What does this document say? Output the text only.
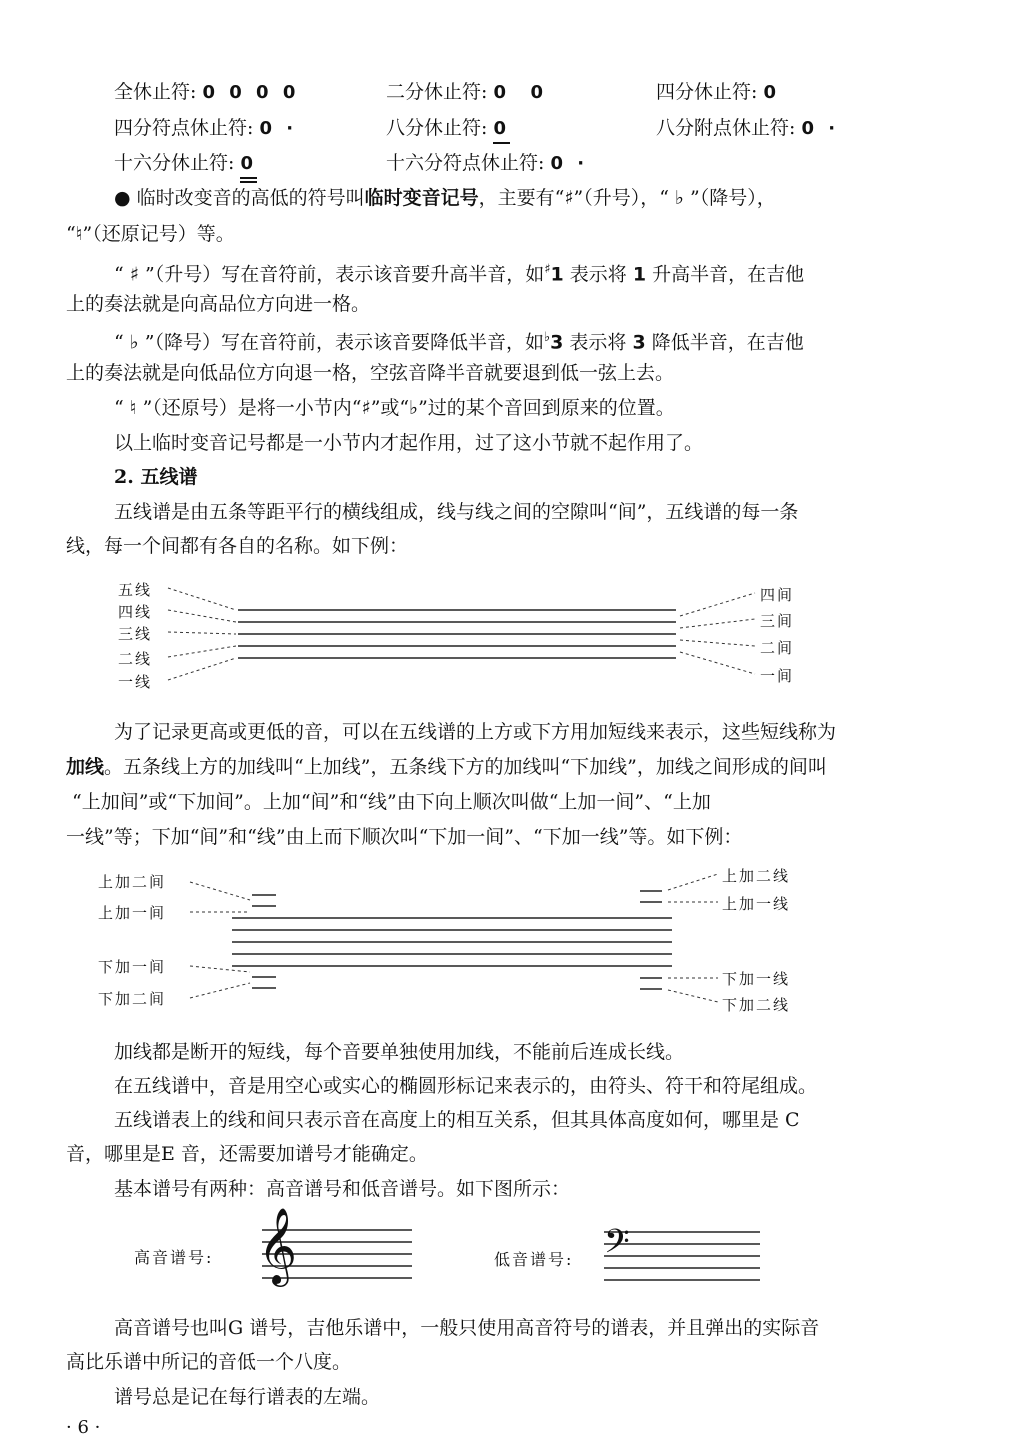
全休止符: 0 0 0 0	二分休止符: 0  0	四分休止符: 0
四分符点休止符: 0 ·	八分休止符: 0	八分附点休止符: 0 ·
十六分休止符: 0	十六分符点休止符: 0 ·
● 临时改变音的高低的符号叫临时变音记号，主要有“♯”（升号），“ ♭ ”（降号），
“♮”（还原记号）等。
“ ♯ ”（升号）写在音符前，表示该音要升高半音，如♯1 表示将 1 升高半音，在吉他
上的奏法就是向高品位方向进一格。
“ ♭ ”（降号）写在音符前，表示该音要降低半音，如♭3 表示将 3 降低半音，在吉他
上的奏法就是向低品位方向退一格，空弦音降半音就要退到低一弦上去。
“ ♮ ”（还原号）是将一小节内“♯”或“♭”过的某个音回到原来的位置。
以上临时变音记号都是一小节内才起作用，过了这小节就不起作用了。
2. 五线谱
五线谱是由五条等距平行的横线组成，线与线之间的空隙叫“间”，五线谱的每一条
线，每一个间都有各自的名称。如下例：
五线
四线
三线
二线
一线
四间
三间
二间
一间
为了记录更高或更低的音，可以在五线谱的上方或下方用加短线来表示，这些短线称为
加线。五条线上方的加线叫“上加线”，五条线下方的加线叫“下加线”，加线之间形成的间叫
“上加间”或“下加间”。上加“间”和“线”由下向上顺次叫做“上加一间”、“上加
一线”等；下加“间”和“线”由上而下顺次叫“下加一间”、“下加一线”等。如下例：
上加二间
上加一间
下加一间
下加二间
上加二线
上加一线
下加一线
下加二线
加线都是断开的短线，每个音要单独使用加线，不能前后连成长线。
在五线谱中，音是用空心或实心的椭圆形标记来表示的，由符头、符干和符尾组成。
五线谱表上的线和间只表示音在高度上的相互关系，但其具体高度如何，哪里是 C
音，哪里是E 音，还需要加谱号才能确定。
基本谱号有两种：高音谱号和低音谱号。如下图所示：
高音谱号: 𝄞	低音谱号: 𝄢
高音谱号也叫G 谱号，吉他乐谱中，一般只使用高音符号的谱表，并且弹出的实际音
高比乐谱中所记的音低一个八度。
谱号总是记在每行谱表的左端。
· 6 ·
